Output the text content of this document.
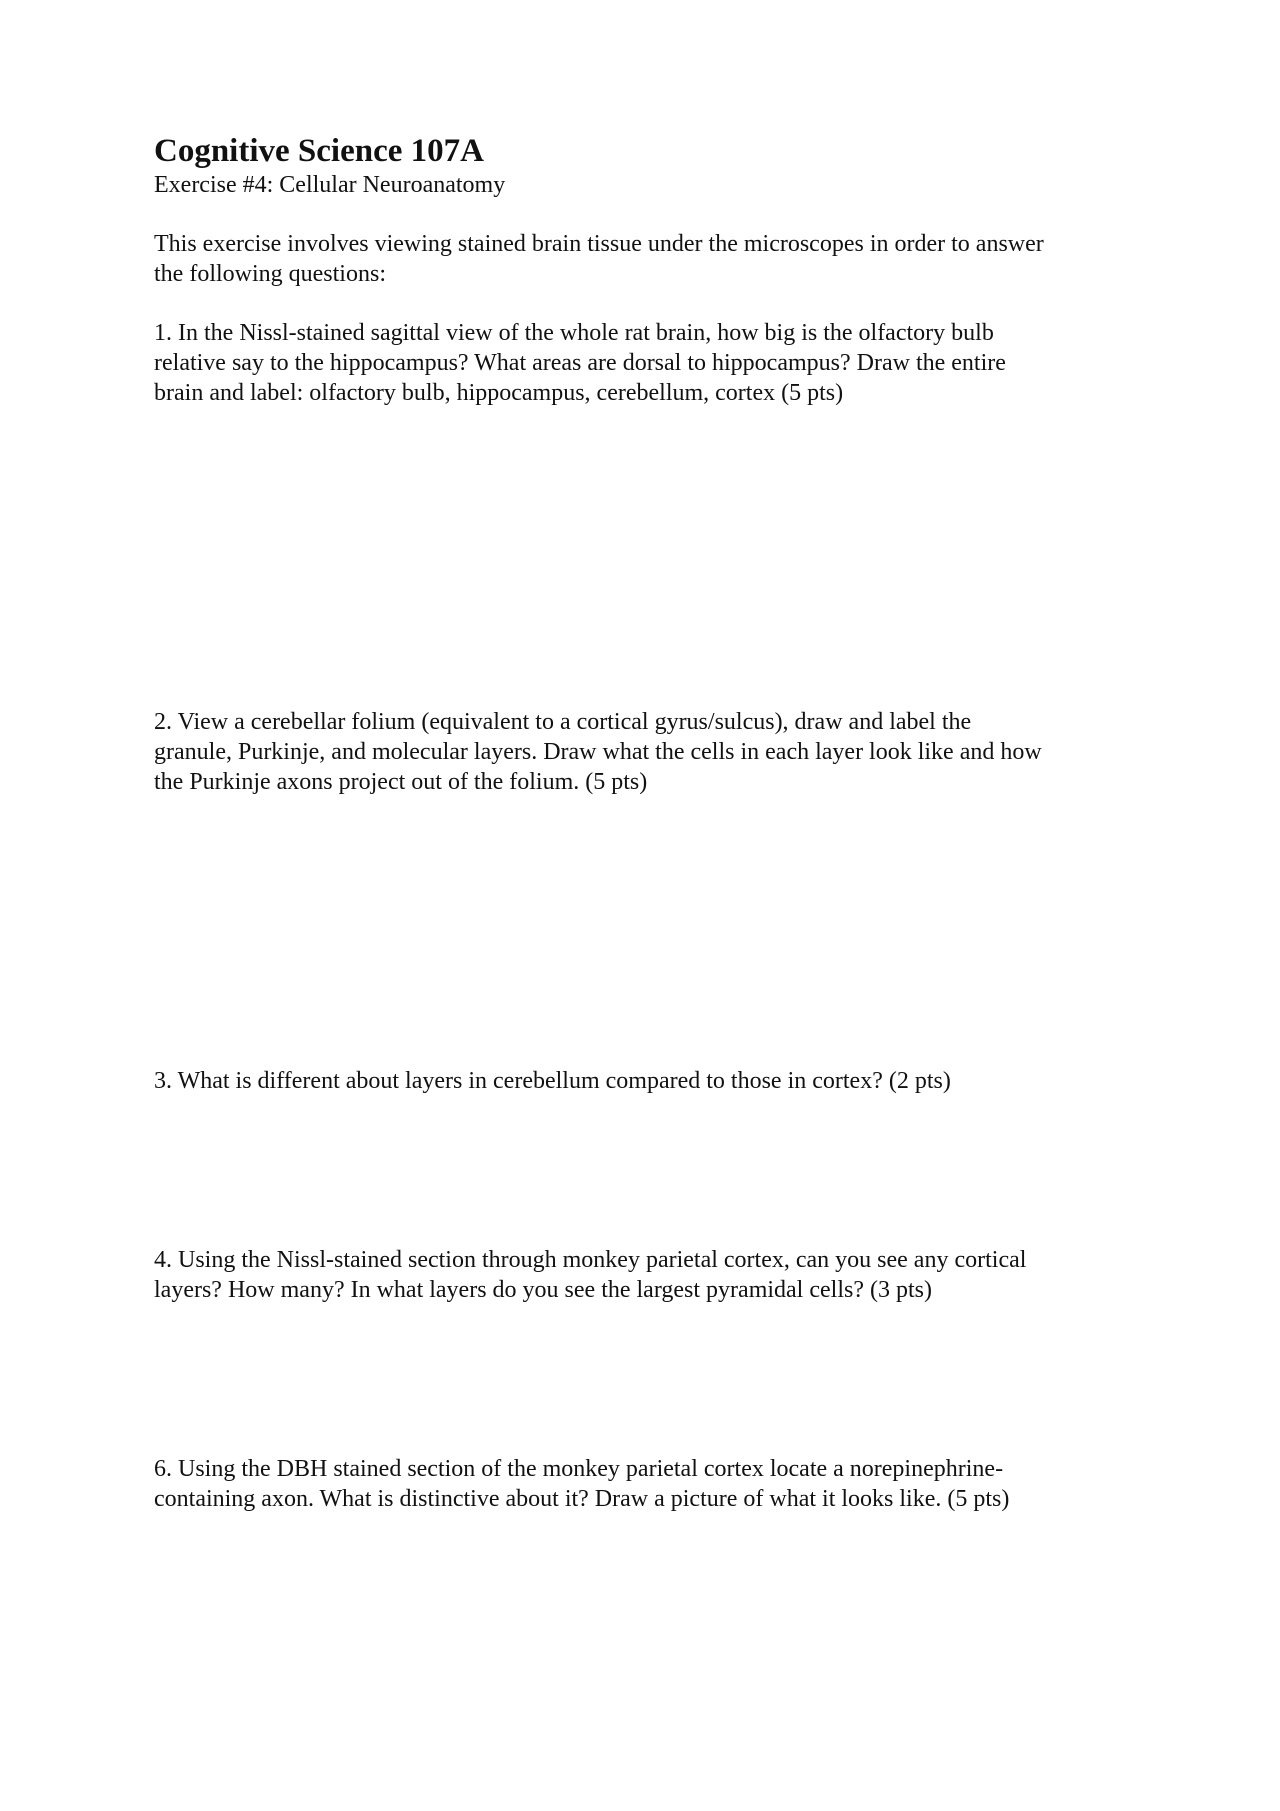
Cognitive Science 107A

Exercise #4: Cellular Neuroanatomy

This exercise involves viewing stained brain tissue under the microscopes in order to answer
the following questions:

1. In the Nissl-stained sagittal view of the whole rat brain, how big is the olfactory bulb
relative say to the hippocampus? What areas are dorsal to hippocampus? Draw the entire
brain and label: olfactory bulb, hippocampus, cerebellum, cortex (5 pts)

2. View a cerebellar folium (equivalent to a cortical gyrus/sulcus), draw and label the
granule, Purkinje, and molecular layers. Draw what the cells in each layer look like and how
the Purkinje axons project out of the folium. (5 pts)

3. What is different about layers in cerebellum compared to those in cortex? (2 pts)

4. Using the Nissl-stained section through monkey parietal cortex, can you see any cortical
layers? How many? In what layers do you see the largest pyramidal cells? (3 pts)

6. Using the DBH stained section of the monkey parietal cortex locate a norepinephrine-
containing axon. What is distinctive about it? Draw a picture of what it looks like. (5 pts)
